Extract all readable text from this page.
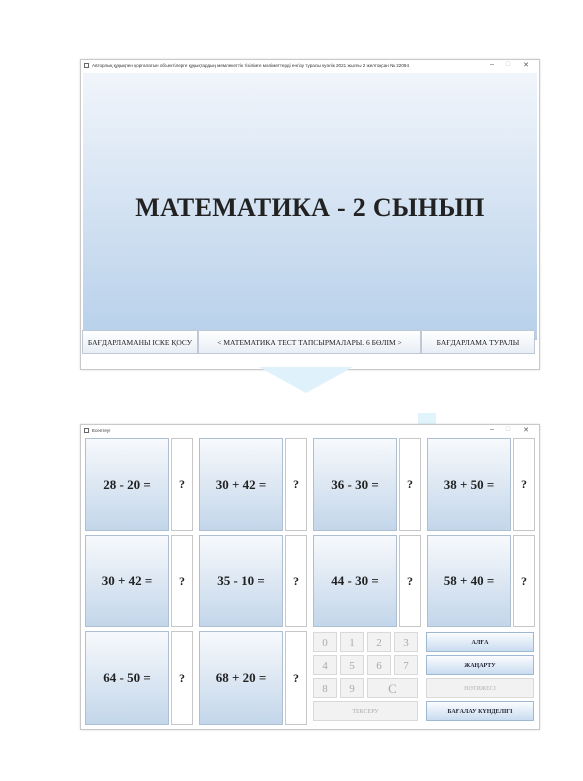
Авторлық құқықпен қорғалатын объектілерге құқықтардың мемлекеттік тізілімге мәліметтерді енгізу туралы куәлік 2021 жылғы 2 желтоқсан № 22094	–	□	✕
МАТЕМАТИКА - 2 СЫНЫП
БАҒДАРЛАМАНЫ ІСКЕ ҚОСУ	< МАТЕМАТИКА ТЕСТ ТАПСЫРМАЛАРЫ. 6 БӨЛІМ >	БАҒДАРЛАМА ТУРАЛЫ
Есептеу!	–	□	✕
28 - 20 =	?	30 + 42 =	?	36 - 30 =	?	38 + 50 =	?
30 + 42 =	?	35 - 10 =	?	44 - 30 =	?	58 + 40 =	?
64 - 50 =	?	68 + 20 =	?
0	1	2	3
4	5	6	7
8	9	C
ТЕКСЕРУ
АЛҒА
ЖАҢАРТУ
НӘТИЖЕСІ
БАҒАЛАУ КҮНДЕЛІГІ
